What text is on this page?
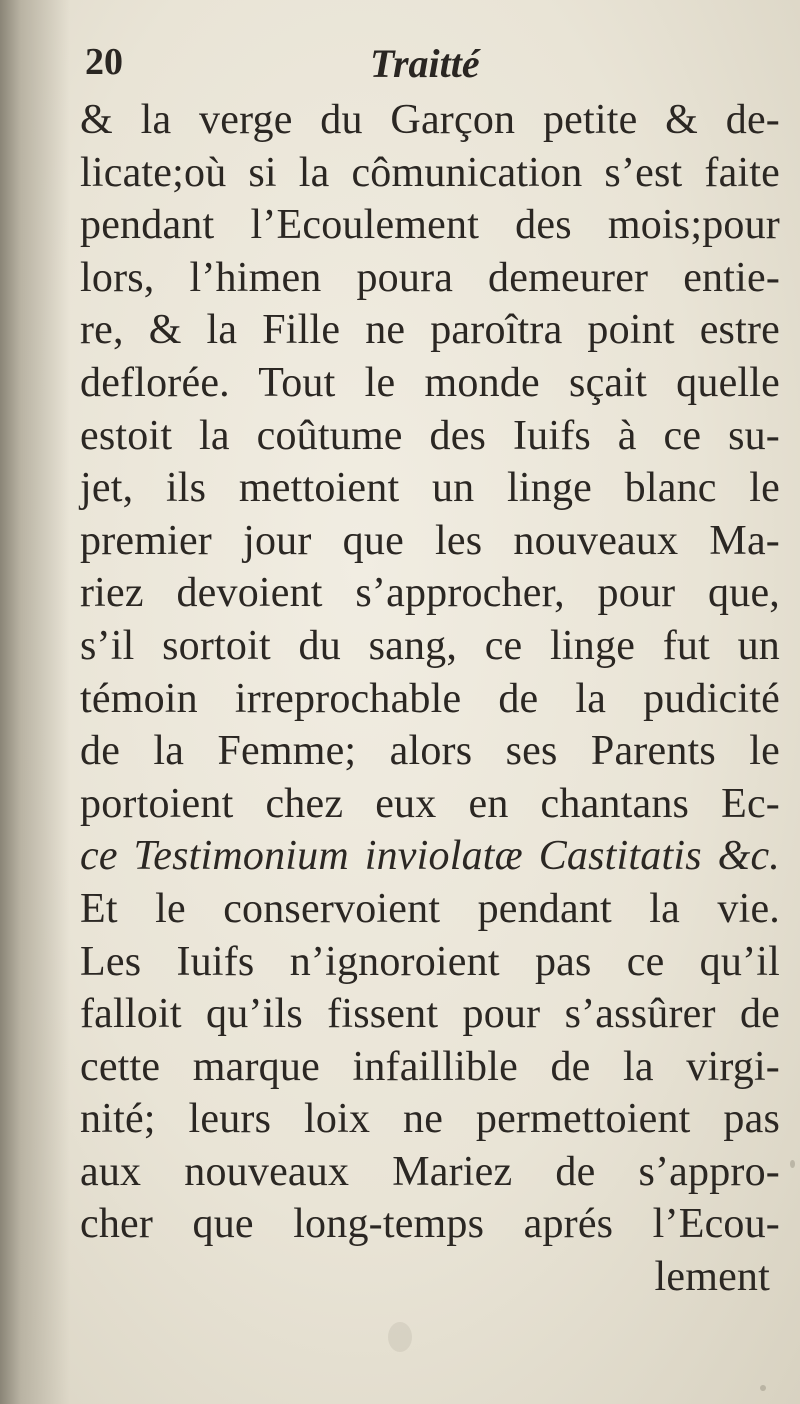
20	Traitté
& la verge du Garçon petite & de-
licate;où si la cômunication s’est faite
pendant l’Ecoulement des mois;pour
lors, l’himen poura demeurer entie-
re, & la Fille ne paroîtra point estre
deflorée. Tout le monde sçait quelle
estoit la coûtume des Iuifs à ce su-
jet, ils mettoient un linge blanc le
premier jour que les nouveaux Ma-
riez devoient s’approcher, pour que,
s’il sortoit du sang, ce linge fut un
témoin irreprochable de la pudicité
de la Femme; alors ses Parents le
portoient chez eux en chantans Ec-
ce Testimonium inviolatæ Castitatis &c.
Et le conservoient pendant la vie.
Les Iuifs n’ignoroient pas ce qu’il
falloit qu’ils fissent pour s’assûrer de
cette marque infaillible de la virgi-
nité; leurs loix ne permettoient pas
aux nouveaux Mariez de s’appro-
cher que long-temps aprés l’Ecou-
lement
